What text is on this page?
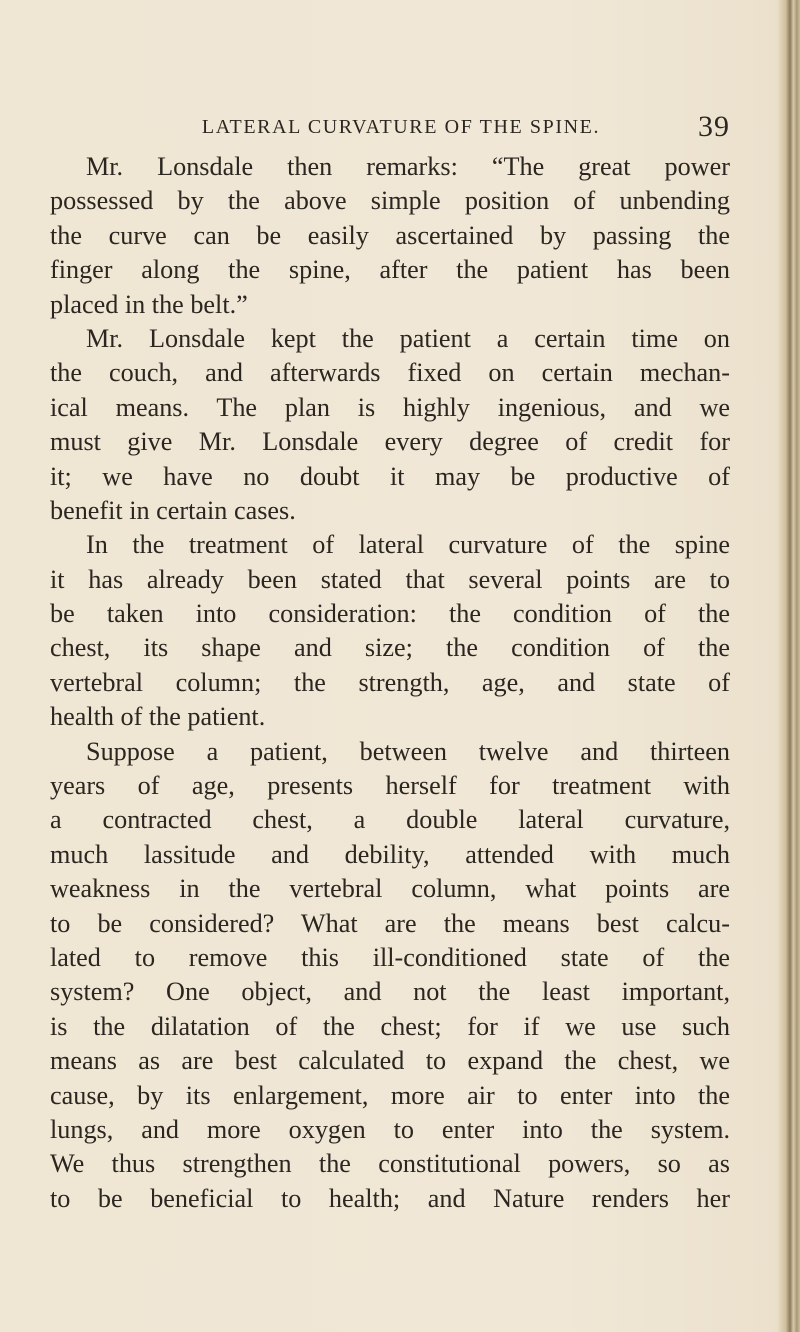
LATERAL CURVATURE OF THE SPINE.	39
Mr. Lonsdale then remarks: “The great power
possessed by the above simple position of unbending
the curve can be easily ascertained by passing the
finger along the spine, after the patient has been
placed in the belt.”
Mr. Lonsdale kept the patient a certain time on
the couch, and afterwards fixed on certain mechan-
ical means. The plan is highly ingenious, and we
must give Mr. Lonsdale every degree of credit for
it; we have no doubt it may be productive of
benefit in certain cases.
In the treatment of lateral curvature of the spine
it has already been stated that several points are to
be taken into consideration: the condition of the
chest, its shape and size; the condition of the
vertebral column; the strength, age, and state of
health of the patient.
Suppose a patient, between twelve and thirteen
years of age, presents herself for treatment with
a contracted chest, a double lateral curvature,
much lassitude and debility, attended with much
weakness in the vertebral column, what points are
to be considered? What are the means best calcu-
lated to remove this ill-conditioned state of the
system? One object, and not the least important,
is the dilatation of the chest; for if we use such
means as are best calculated to expand the chest, we
cause, by its enlargement, more air to enter into the
lungs, and more oxygen to enter into the system.
We thus strengthen the constitutional powers, so as
to be beneficial to health; and Nature renders her
